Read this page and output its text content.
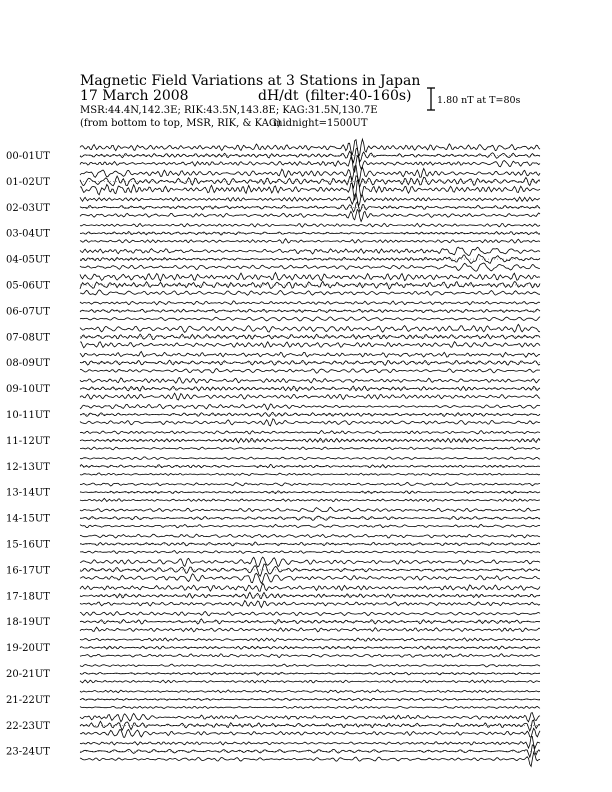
Magnetic Field Variations at 3 Stations in Japan
17 March 2008	dH/dt (filter:40-160s)
MSR:44.4N,142.3E; RIK:43.5N,143.8E; KAG:31.5N,130.7E
(from bottom to top, MSR, RIK, & KAG)
midnight=1500UT
1.80 nT at T=80s
00-01UT
01-02UT
02-03UT
03-04UT
04-05UT
05-06UT
06-07UT
07-08UT
08-09UT
09-10UT
10-11UT
11-12UT
12-13UT
13-14UT
14-15UT
15-16UT
16-17UT
17-18UT
18-19UT
19-20UT
20-21UT
21-22UT
22-23UT
23-24UT
